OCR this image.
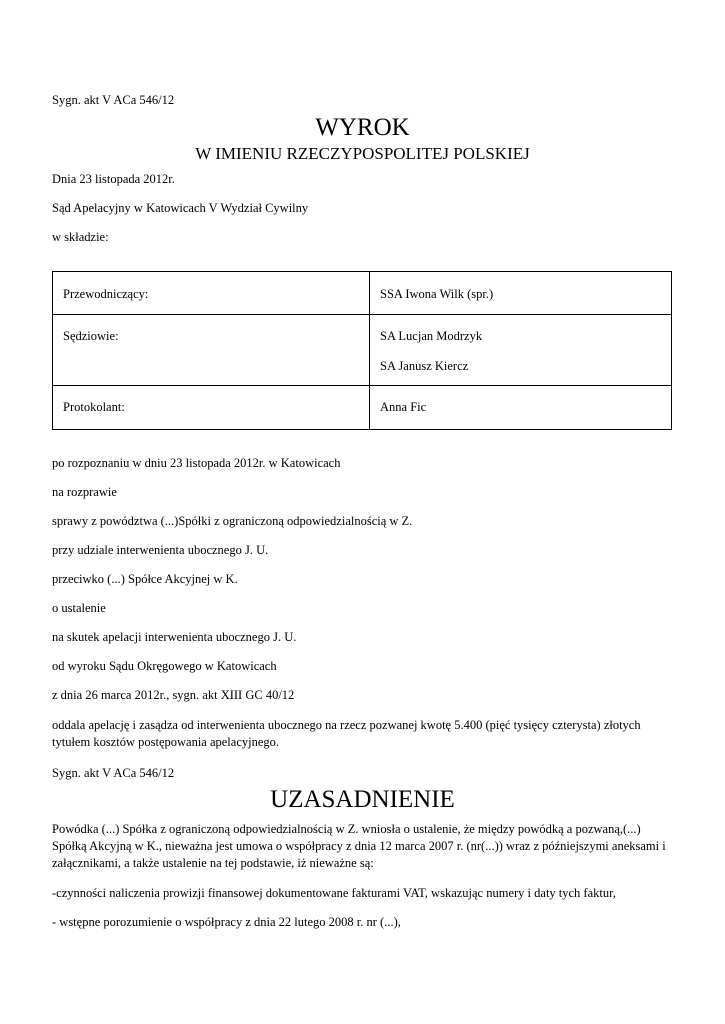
Sygn. akt V ACa 546/12
WYROK
W IMIENIU RZECZYPOSPOLITEJ POLSKIEJ
Dnia 23 listopada 2012r.
Sąd Apelacyjny w Katowicach V Wydział Cywilny
w składzie:
Przewodniczący:	SSA Iwona Wilk (spr.)

Sędziowie:	SA Lucjan Modrzyk
SA Janusz Kiercz

Protokolant:	Anna Fic
po rozpoznaniu w dniu 23 listopada 2012r. w Katowicach
na rozprawie
sprawy z powództwa (...)Spółki z ograniczoną odpowiedzialnością w Z.
przy udziale interwenienta ubocznego J. U.
przeciwko (...) Spółce Akcyjnej w K.
o ustalenie
na skutek apelacji interwenienta ubocznego J. U.
od wyroku Sądu Okręgowego w Katowicach
z dnia 26 marca 2012r., sygn. akt XIII GC 40/12
oddala apelację i zasądza od interwenienta ubocznego na rzecz pozwanej kwotę 5.400 (pięć tysięcy czterysta) złotych tytułem kosztów postępowania apelacyjnego.
Sygn. akt V ACa 546/12
UZASADNIENIE
Powódka (...) Spółka z ograniczoną odpowiedzialnością w Z. wniosła o ustalenie, że między powódką a pozwaną,(...) Spółką Akcyjną w K., nieważna jest umowa o współpracy z dnia 12 marca 2007 r. (nr(...)) wraz z późniejszymi aneksami i załącznikami, a także ustalenie na tej podstawie, iż nieważne są:
-czynności naliczenia prowizji finansowej dokumentowane fakturami VAT, wskazując numery i daty tych faktur,
- wstępne porozumienie o współpracy z dnia 22 lutego 2008 r. nr (...),
